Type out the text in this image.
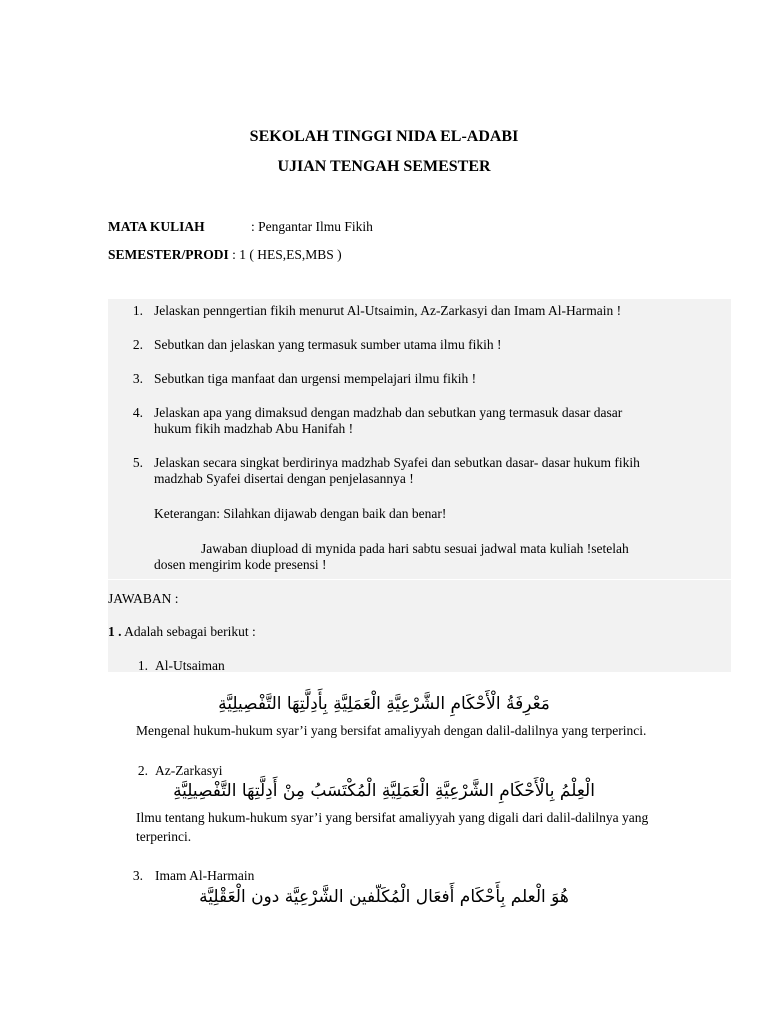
SEKOLAH TINGGI NIDA EL-ADABI
UJIAN TENGAH SEMESTER
MATA KULIAH	: Pengantar Ilmu Fikih
SEMESTER/PRODI : 1 ( HES,ES,MBS )
1. Jelaskan penngertian fikih menurut Al-Utsaimin, Az-Zarkasyi dan Imam Al-Harmain !
2. Sebutkan dan jelaskan yang termasuk sumber utama ilmu fikih !
3. Sebutkan tiga manfaat dan urgensi mempelajari ilmu fikih !
4. Jelaskan apa yang dimaksud dengan madzhab dan sebutkan yang termasuk dasar dasar
hukum fikih madzhab Abu Hanifah !
5. Jelaskan secara singkat berdirinya madzhab Syafei dan sebutkan dasar- dasar hukum fikih
madzhab Syafei disertai dengan penjelasannya !
Keterangan: Silahkan dijawab dengan baik dan benar!
Jawaban diupload di mynida pada hari sabtu sesuai jadwal mata kuliah !setelah
dosen mengirim kode presensi !
JAWABAN :
1 . Adalah sebagai berikut :
1. Al-Utsaiman
مَعْرِفَةُ الْأَحْكَامِ الشَّرْعِيَّةِ الْعَمَلِيَّةِ بِأَدِلَّتِهَا التَّفْصِيلِيَّةِ
Mengenal hukum-hukum syar’i yang bersifat amaliyyah dengan dalil-dalilnya yang terperinci.
2. Az-Zarkasyi
الْعِلْمُ بِالْأَحْكَامِ الشَّرْعِيَّةِ الْعَمَلِيَّةِ الْمُكْتَسَبُ مِنْ أَدِلَّتِهَا التَّفْصِيلِيَّةِ
Ilmu tentang hukum-hukum syar’i yang bersifat amaliyyah yang digali dari dalil-dalilnya yang
terperinci.
3. Imam Al-Harmain
هُوَ الْعلم بِأَحْكَام أَفعَال الْمُكَلّفين الشَّرْعِيَّة دون الْعَقْلِيَّة
